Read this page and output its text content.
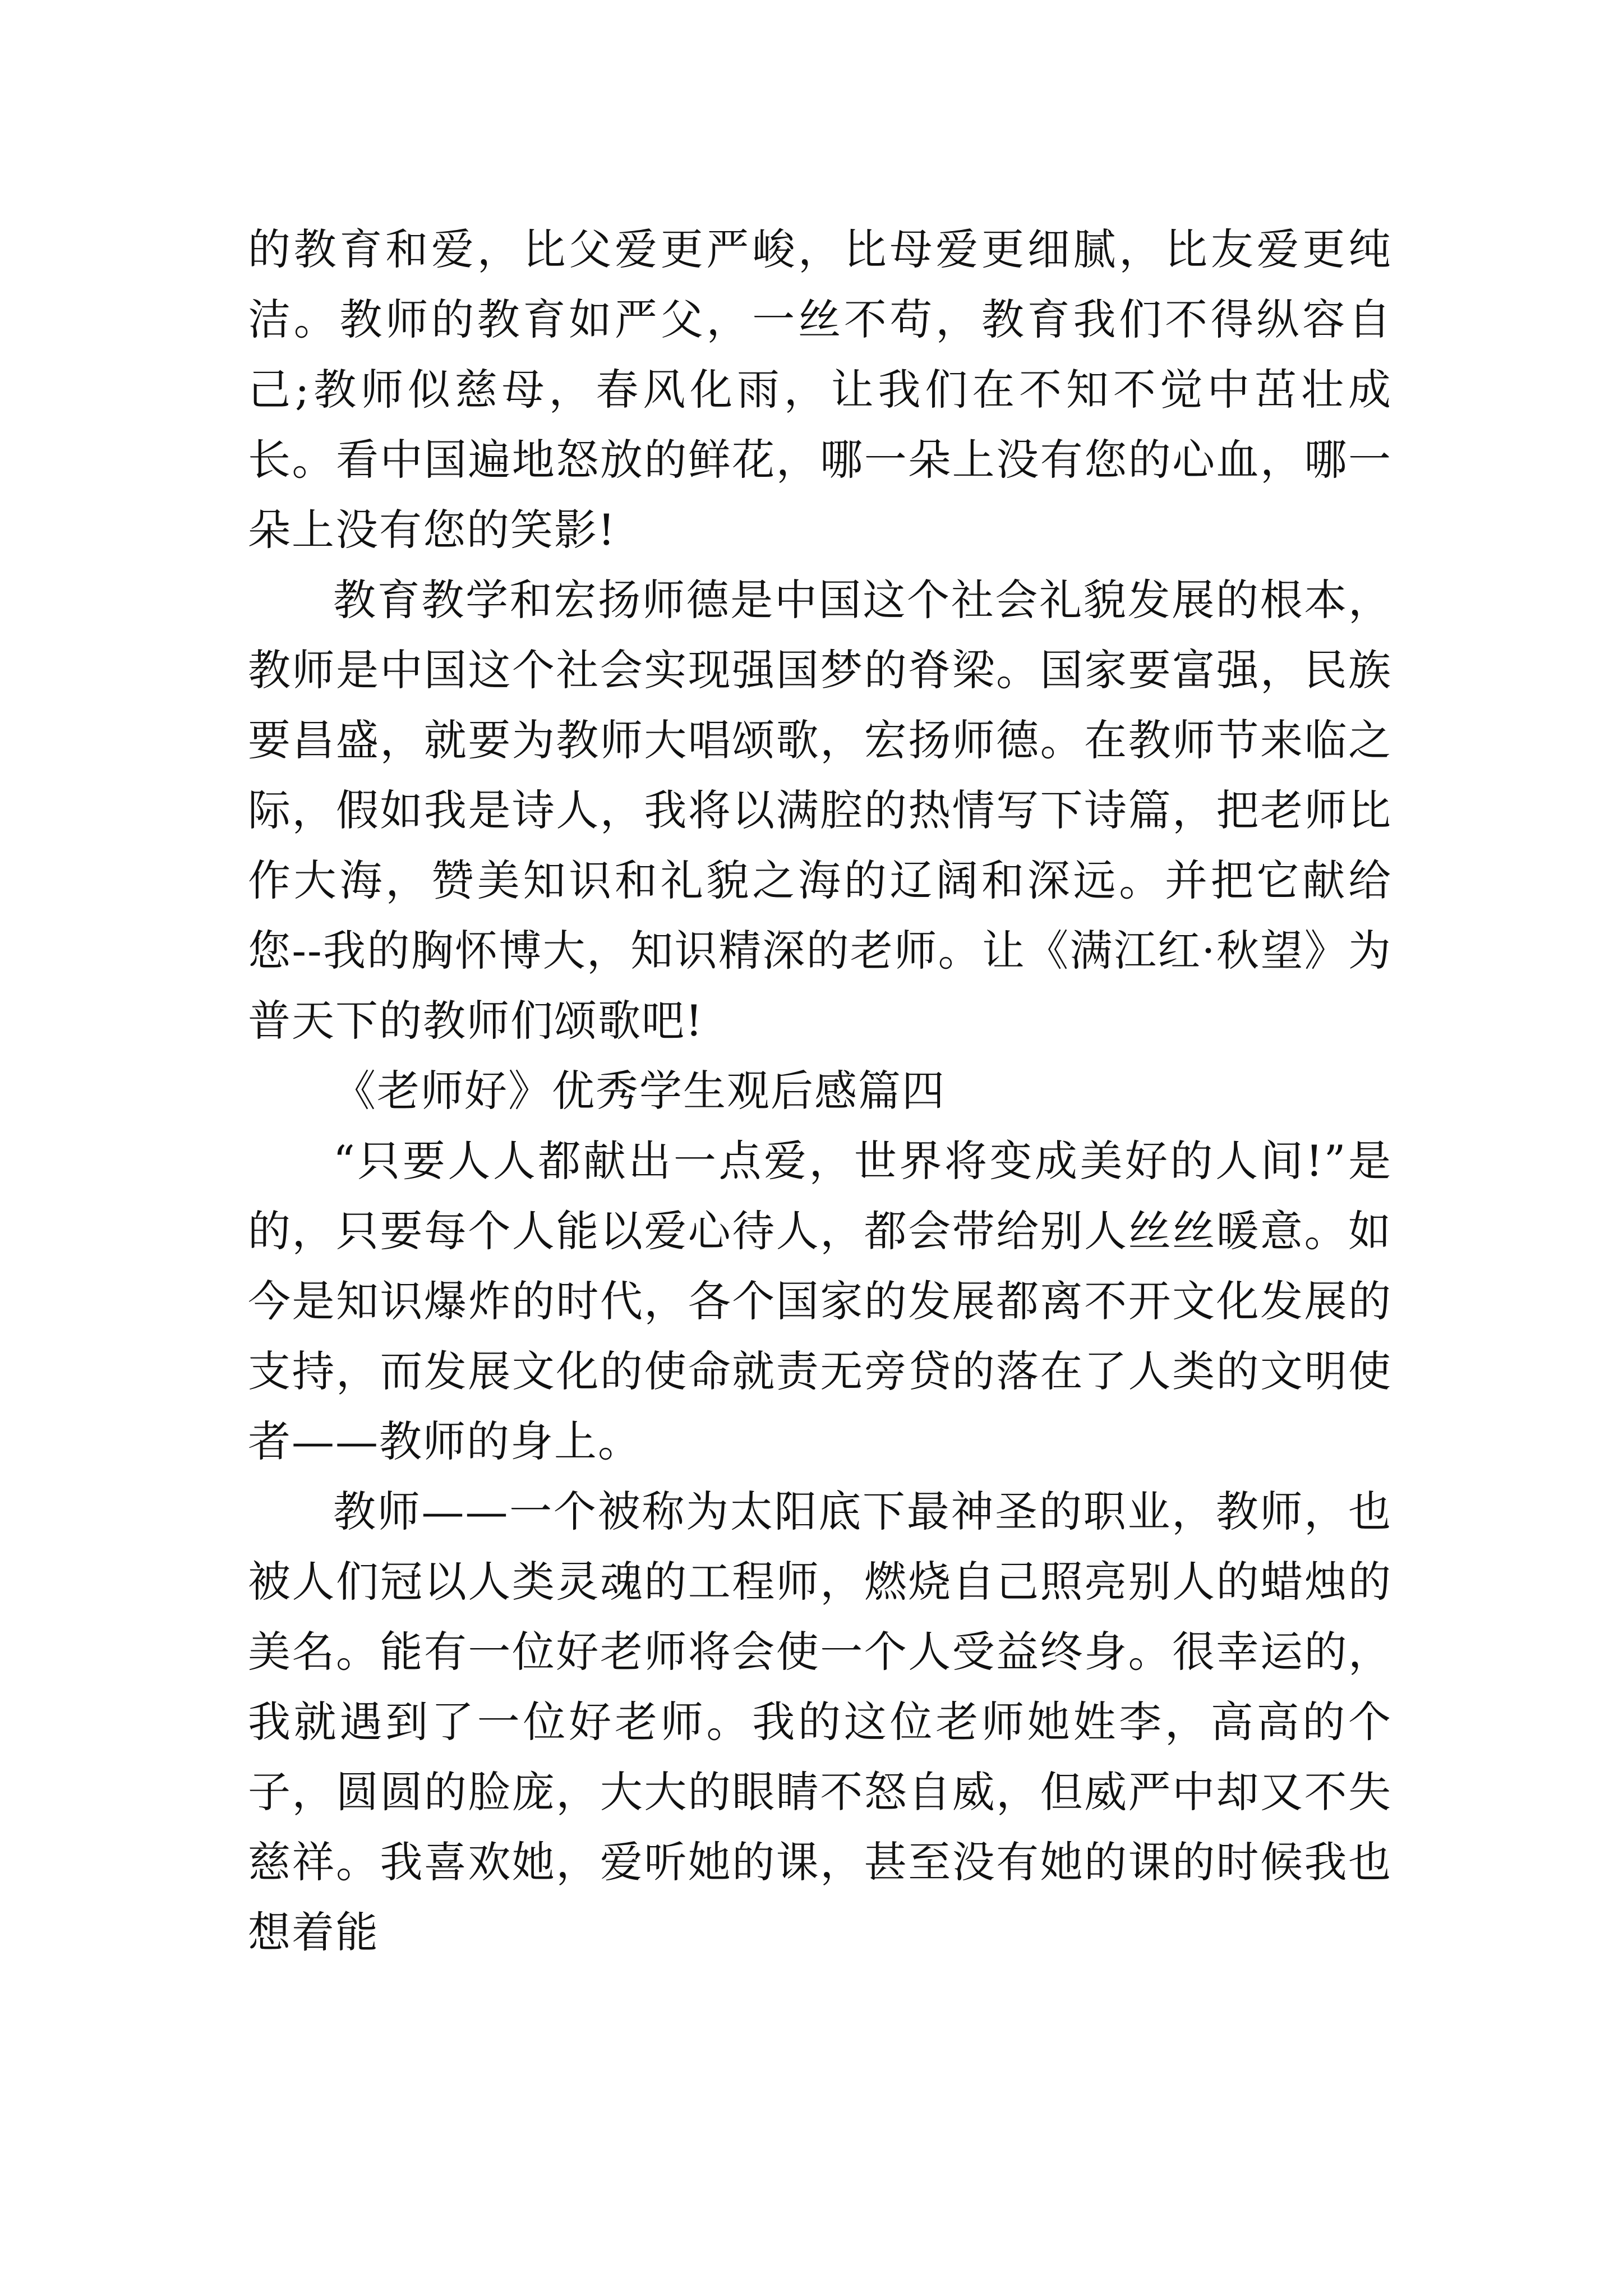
的教育和爱，比父爱更严峻，比母爱更细腻，比友爱更纯洁。教师的教育如严父，一丝不苟，教育我们不得纵容自己;教师似慈母，春风化雨，让我们在不知不觉中茁壮成长。看中国遍地怒放的鲜花，哪一朵上没有您的心血，哪一朵上没有您的笑影!

教育教学和宏扬师德是中国这个社会礼貌发展的根本，教师是中国这个社会实现强国梦的脊梁。国家要富强，民族要昌盛，就要为教师大唱颂歌，宏扬师德。在教师节来临之际，假如我是诗人，我将以满腔的热情写下诗篇，把老师比作大海，赞美知识和礼貌之海的辽阔和深远。并把它献给您--我的胸怀博大，知识精深的老师。让《满江红·秋望》为普天下的教师们颂歌吧!

《老师好》优秀学生观后感篇四

“只要人人都献出一点爱，世界将变成美好的人间!”是的，只要每个人能以爱心待人，都会带给别人丝丝暖意。如今是知识爆炸的时代，各个国家的发展都离不开文化发展的支持，而发展文化的使命就责无旁贷的落在了人类的文明使者——教师的身上。

教师——一个被称为太阳底下最神圣的职业，教师，也被人们冠以人类灵魂的工程师，燃烧自己照亮别人的蜡烛的美名。能有一位好老师将会使一个人受益终身。很幸运的，我就遇到了一位好老师。我的这位老师她姓李，高高的个子，圆圆的脸庞，大大的眼睛不怒自威，但威严中却又不失慈祥。我喜欢她，爱听她的课，甚至没有她的课的时候我也想着能
